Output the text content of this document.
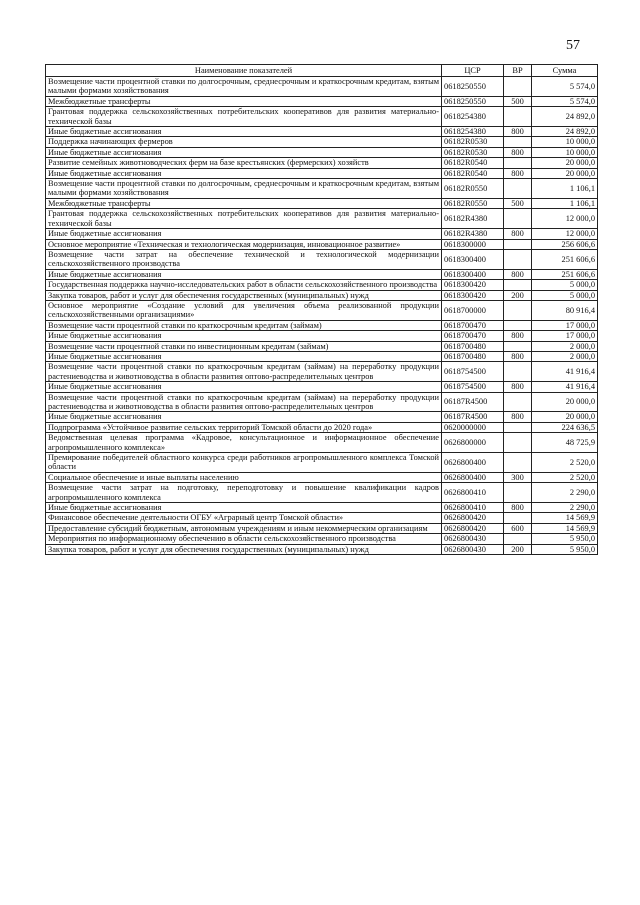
57
Наименование показателей	ЦСР	ВР	Сумма
Возмещение части процентной ставки по долгосрочным, среднесрочным и краткосрочным кредитам, взятым малыми формами хозяйствования	0618250550		5 574,0
Межбюджетные трансферты	0618250550	500	5 574,0
Грантовая поддержка сельскохозяйственных потребительских кооперативов для развития материально-технической базы	0618254380		24 892,0
Иные бюджетные ассигнования	0618254380	800	24 892,0
Поддержка начинающих фермеров	06182R0530		10 000,0
Иные бюджетные ассигнования	06182R0530	800	10 000,0
Развитие семейных животноводческих ферм на базе крестьянских (фермерских) хозяйств	06182R0540		20 000,0
Иные бюджетные ассигнования	06182R0540	800	20 000,0
Возмещение части процентной ставки по долгосрочным, среднесрочным и краткосрочным кредитам, взятым малыми формами хозяйствования	06182R0550		1 106,1
Межбюджетные трансферты	06182R0550	500	1 106,1
Грантовая поддержка сельскохозяйственных потребительских кооперативов для развития материально-технической базы	06182R4380		12 000,0
Иные бюджетные ассигнования	06182R4380	800	12 000,0
Основное мероприятие «Техническая и технологическая модернизация, инновационное развитие»	0618300000		256 606,6
Возмещение части затрат на обеспечение технической и технологической модернизации сельскохозяйственного производства	0618300400		251 606,6
Иные бюджетные ассигнования	0618300400	800	251 606,6
Государственная поддержка научно-исследовательских работ в области сельскохозяйственного производства	0618300420		5 000,0
Закупка товаров, работ и услуг для обеспечения государственных (муниципальных) нужд	0618300420	200	5 000,0
Основное мероприятие «Создание условий для увеличения объема реализованной продукции сельскохозяйственными организациями»	0618700000		80 916,4
Возмещение части процентной ставки по краткосрочным кредитам (займам)	0618700470		17 000,0
Иные бюджетные ассигнования	0618700470	800	17 000,0
Возмещение части процентной ставки по инвестиционным кредитам (займам)	0618700480		2 000,0
Иные бюджетные ассигнования	0618700480	800	2 000,0
Возмещение части процентной ставки по краткосрочным кредитам (займам) на переработку продукции растениеводства и животноводства в области развития оптово-распределительных центров	0618754500		41 916,4
Иные бюджетные ассигнования	0618754500	800	41 916,4
Возмещение части процентной ставки по краткосрочным кредитам (займам) на переработку продукции растениеводства и животноводства в области развития оптово-распределительных центров	06187R4500		20 000,0
Иные бюджетные ассигнования	06187R4500	800	20 000,0
Подпрограмма «Устойчивое развитие сельских территорий Томской области до 2020 года»	0620000000		224 636,5
Ведомственная целевая программа «Кадровое, консультационное и информационное обеспечение агропромышленного комплекса»	0626800000		48 725,9
Премирование победителей областного конкурса среди работников агропромышленного комплекса Томской области	0626800400		2 520,0
Социальное обеспечение и иные выплаты населению	0626800400	300	2 520,0
Возмещение части затрат на подготовку, переподготовку и повышение квалификации кадров агропромышленного комплекса	0626800410		2 290,0
Иные бюджетные ассигнования	0626800410	800	2 290,0
Финансовое обеспечение деятельности ОГБУ «Аграрный центр Томской области»	0626800420		14 569,9
Предоставление субсидий бюджетным, автономным учреждениям и иным некоммерческим организациям	0626800420	600	14 569,9
Мероприятия по информационному обеспечению в области сельскохозяйственного производства	0626800430		5 950,0
Закупка товаров, работ и услуг для обеспечения государственных (муниципальных) нужд	0626800430	200	5 950,0
